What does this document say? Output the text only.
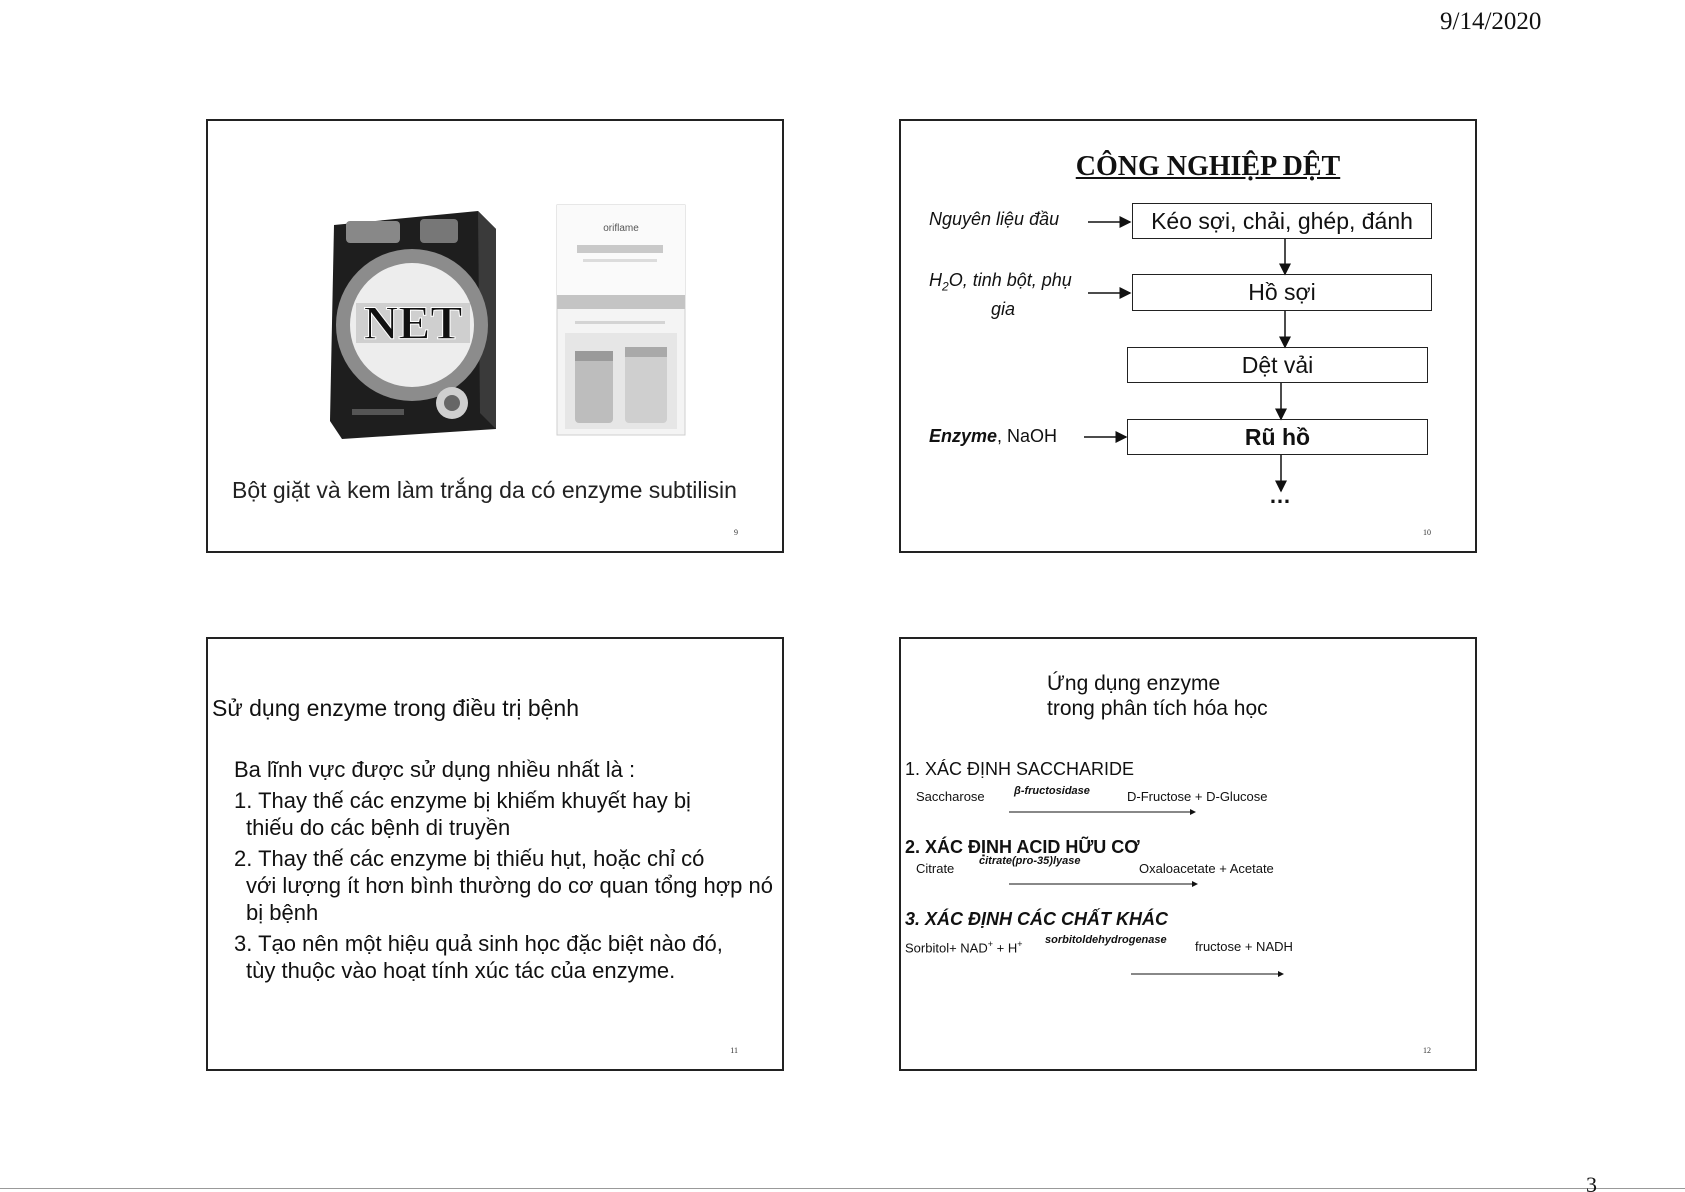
9/14/2020
NET
oriflame
Bột giặt và kem làm trắng da có enzyme subtilisin
9
CÔNG NGHIỆP DỆT
Kéo sợi, chải, ghép, đánh
Hồ sợi
Dệt vải
Rũ hồ
Nguyên liệu đầu
$H_2O$, tinh bột, phụ
gia
Enzyme, NaOH
…
10
Sử dụng enzyme trong điều trị bệnh
Ba lĩnh vực được sử dụng nhiều nhất là :
1. Thay thế các enzyme bị khiếm khuyết hay bị
thiếu do các bệnh di truyền
2. Thay thế các enzyme bị thiếu hụt, hoặc chỉ có
với lượng ít hơn bình thường do cơ quan tổng hợp nó bị bệnh
3. Tạo nên một hiệu quả sinh học đặc biệt nào đó,
tùy thuộc vào hoạt tính xúc tác của enzyme.
11
Ứng dụng enzyme
trong phân tích hóa học
1. XÁC ĐỊNH SACCHARIDE
Saccharose	β-fructosidase	D-Fructose + D-Glucose
2. XÁC ĐỊNH ACID HỮU CƠ
Citrate citrate(pro-35)lyase	Oxaloacetate + Acetate
3. XÁC ĐỊNH CÁC CHẤT KHÁC
Sorbitol+ NAD+ + H+ sorbitoldehydrogenase fructose + NADH
12
3
